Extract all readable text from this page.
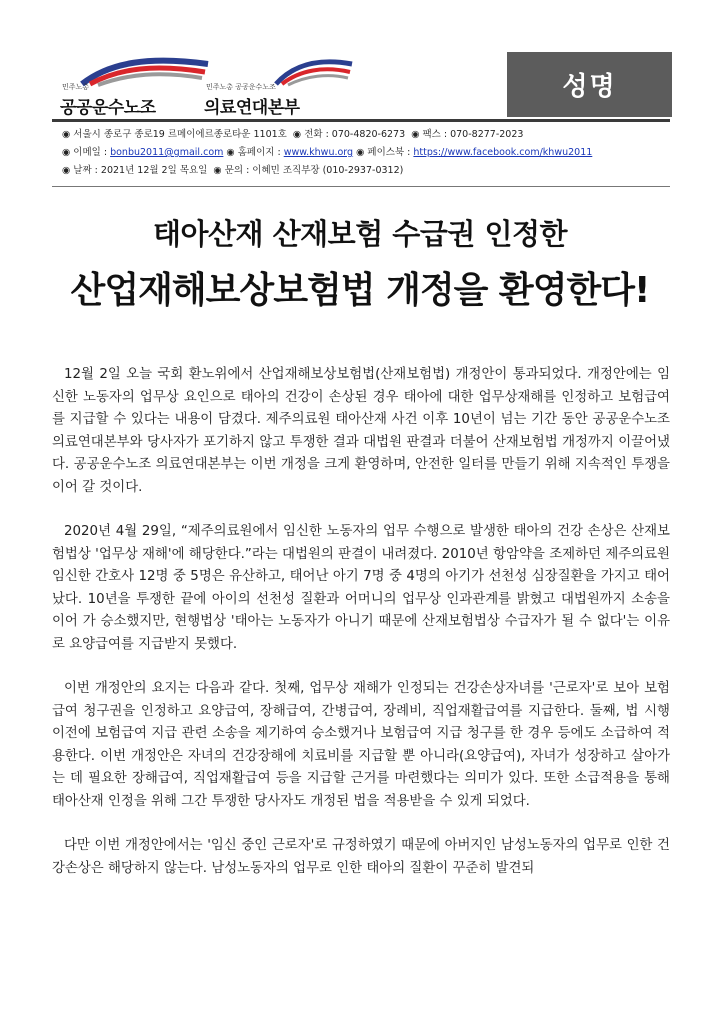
민주노총
공공운수노조
민주노총 공공운수노조
의료연대본부
성명
◉ 서울시 종로구 종로19 르메이에르종로타운 1101호 ◉ 전화 : 070-4820-6273 ◉ 팩스 : 070-8277-2023
◉ 이메일 : bonbu2011@gmail.com ◉ 홈페이지 : www.khwu.org ◉ 페이스북 : https://www.facebook.com/khwu2011
◉ 날짜 : 2021년 12월 2일 목요일 ◉ 문의 : 이혜민 조직부장 (010-2937-0312)
태아산재 산재보험 수급권 인정한
산업재해보상보험법 개정을 환영한다!

12월 2일 오늘 국회 환노위에서 산업재해보상보험법(산재보험법) 개정안이 통과되었다. 개정안에는 임신한 노동자의 업무상 요인으로 태아의 건강이 손상된 경우 태아에 대한 업무상재해를 인정하고 보험급여를 지급할 수 있다는 내용이 담겼다. 제주의료원 태아산재 사건 이후 10년이 넘는 기간 동안 공공운수노조 의료연대본부와 당사자가 포기하지 않고 투쟁한 결과 대법원 판결과 더불어 산재보험법 개정까지 이끌어냈다. 공공운수노조 의료연대본부는 이번 개정을 크게 환영하며, 안전한 일터를 만들기 위해 지속적인 투쟁을 이어 갈 것이다.

2020년 4월 29일, “제주의료원에서 임신한 노동자의 업무 수행으로 발생한 태아의 건강 손상은 산재보험법상 '업무상 재해'에 해당한다.”라는 대법원의 판결이 내려졌다. 2010년 항암약을 조제하던 제주의료원 임신한 간호사 12명 중 5명은 유산하고, 태어난 아기 7명 중 4명의 아기가 선천성 심장질환을 가지고 태어났다. 10년을 투쟁한 끝에 아이의 선천성 질환과 어머니의 업무상 인과관계를 밝혔고 대법원까지 소송을 이어 가 승소했지만, 현행법상 '태아는 노동자가 아니기 때문에 산재보험법상 수급자가 될 수 없다'는 이유로 요양급여를 지급받지 못했다.

이번 개정안의 요지는 다음과 같다. 첫째, 업무상 재해가 인정되는 건강손상자녀를 '근로자'로 보아 보험급여 청구권을 인정하고 요양급여, 장해급여, 간병급여, 장례비, 직업재활급여를 지급한다. 둘째, 법 시행 이전에 보험급여 지급 관련 소송을 제기하여 승소했거나 보험급여 지급 청구를 한 경우 등에도 소급하여 적용한다. 이번 개정안은 자녀의 건강장해에 치료비를 지급할 뿐 아니라(요양급여), 자녀가 성장하고 살아가는 데 필요한 장해급여, 직업재활급여 등을 지급할 근거를 마련했다는 의미가 있다. 또한 소급적용을 통해 태아산재 인정을 위해 그간 투쟁한 당사자도 개정된 법을 적용받을 수 있게 되었다.

다만 이번 개정안에서는 '임신 중인 근로자'로 규정하였기 때문에 아버지인 남성노동자의 업무로 인한 건강손상은 해당하지 않는다. 남성노동자의 업무로 인한 태아의 질환이 꾸준히 발견되
